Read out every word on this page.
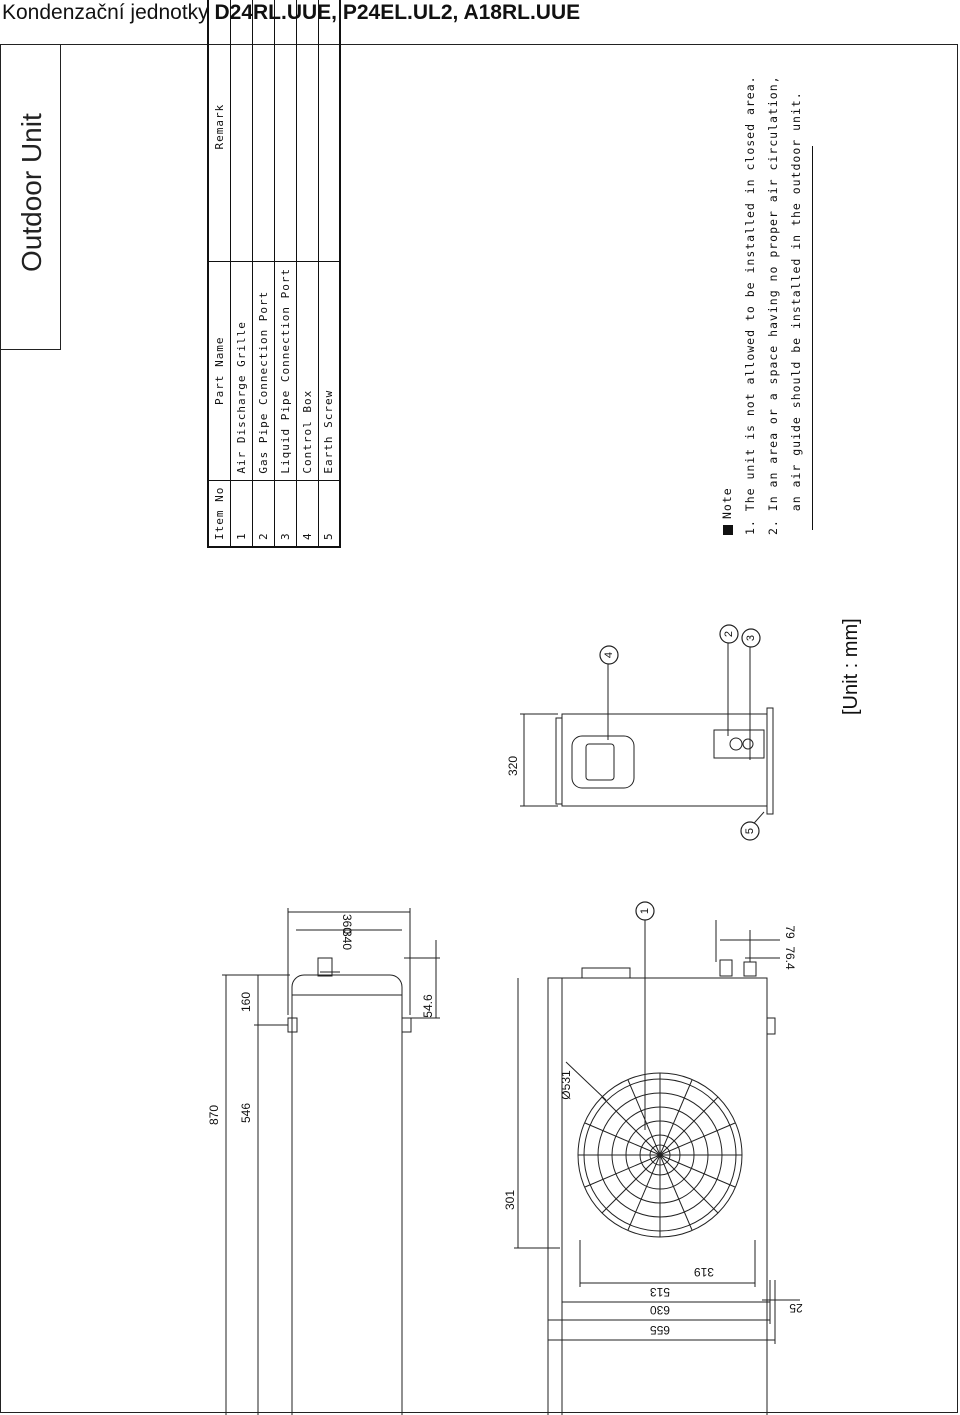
Kondenzační jednotky D24RL.UUE, P24EL.UL2, A18RL.UUE
Outdoor Unit
Item No	Part Name	Remark
1	Air Discharge Grille	
2	Gas Pipe Connection Port	
3	Liquid Pipe Connection Port	
4	Control Box	
5	Earth Screw	
Note 1. The unit is not allowed to be installed in closed area. 2. In an area or a space having no proper air circulation, an air guide should be installed in the outdoor unit.
[Unit : mm]
1
2
3
4
5
870 546
160
360
340
54.6
320
301
Ø531
319
513
630
655
25
79
76.4
